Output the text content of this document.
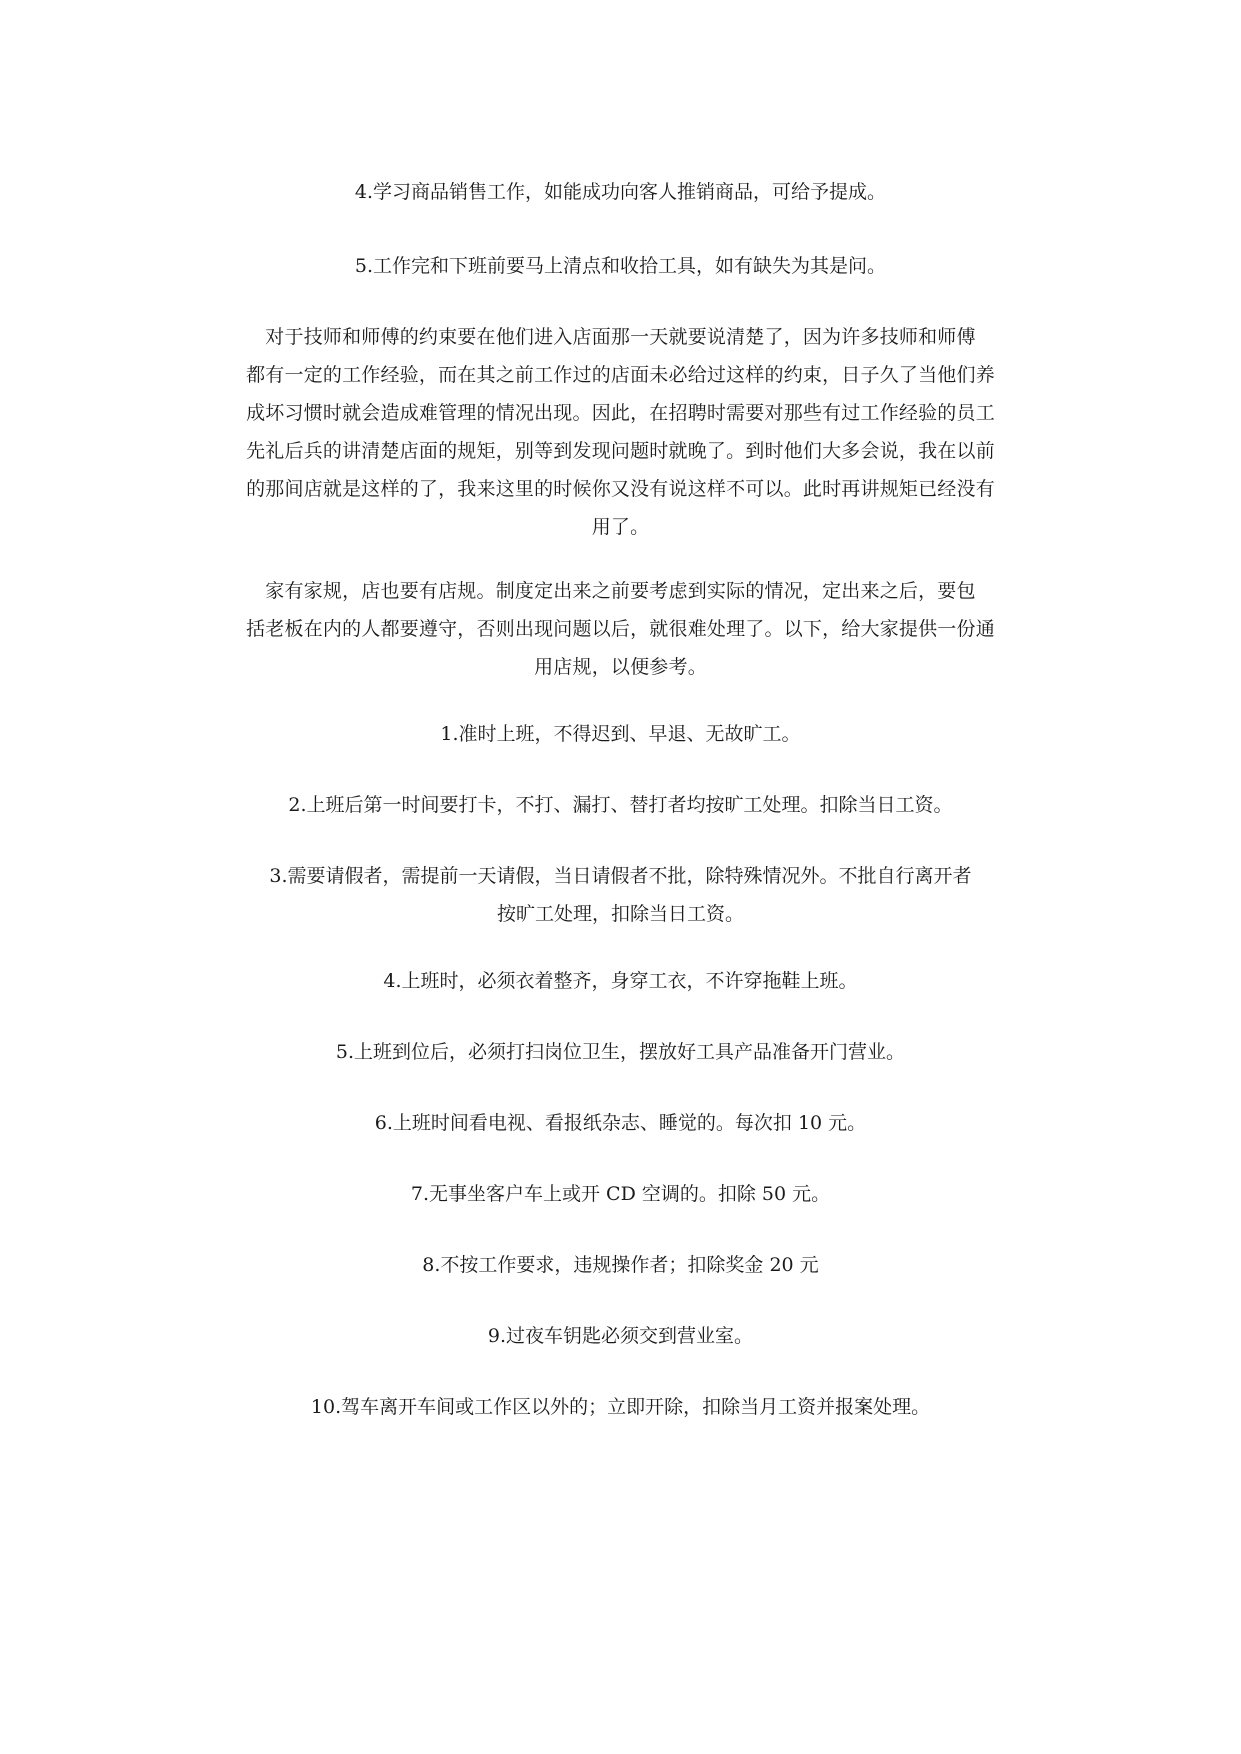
4.学习商品销售工作，如能成功向客人推销商品，可给予提成。
5.工作完和下班前要马上清点和收拾工具，如有缺失为其是问。
对于技师和师傅的约束要在他们进入店面那一天就要说清楚了，因为许多技师和师傅
都有一定的工作经验，而在其之前工作过的店面未必给过这样的约束，日子久了当他们养
成坏习惯时就会造成难管理的情况出现。因此，在招聘时需要对那些有过工作经验的员工
先礼后兵的讲清楚店面的规矩，别等到发现问题时就晚了。到时他们大多会说，我在以前
的那间店就是这样的了，我来这里的时候你又没有说这样不可以。此时再讲规矩已经没有
用了。
家有家规，店也要有店规。制度定出来之前要考虑到实际的情况，定出来之后，要包
括老板在内的人都要遵守，否则出现问题以后，就很难处理了。以下，给大家提供一份通
用店规，以便参考。
1.准时上班，不得迟到、早退、无故旷工。
2.上班后第一时间要打卡，不打、漏打、替打者均按旷工处理。扣除当日工资。
3.需要请假者，需提前一天请假，当日请假者不批，除特殊情况外。不批自行离开者
按旷工处理，扣除当日工资。
4.上班时，必须衣着整齐，身穿工衣，不许穿拖鞋上班。
5.上班到位后，必须打扫岗位卫生，摆放好工具产品准备开门营业。
6.上班时间看电视、看报纸杂志、睡觉的。每次扣 10 元。
7.无事坐客户车上或开 CD 空调的。扣除 50 元。
8.不按工作要求，违规操作者；扣除奖金 20 元
9.过夜车钥匙必须交到营业室。
10.驾车离开车间或工作区以外的；立即开除，扣除当月工资并报案处理。
